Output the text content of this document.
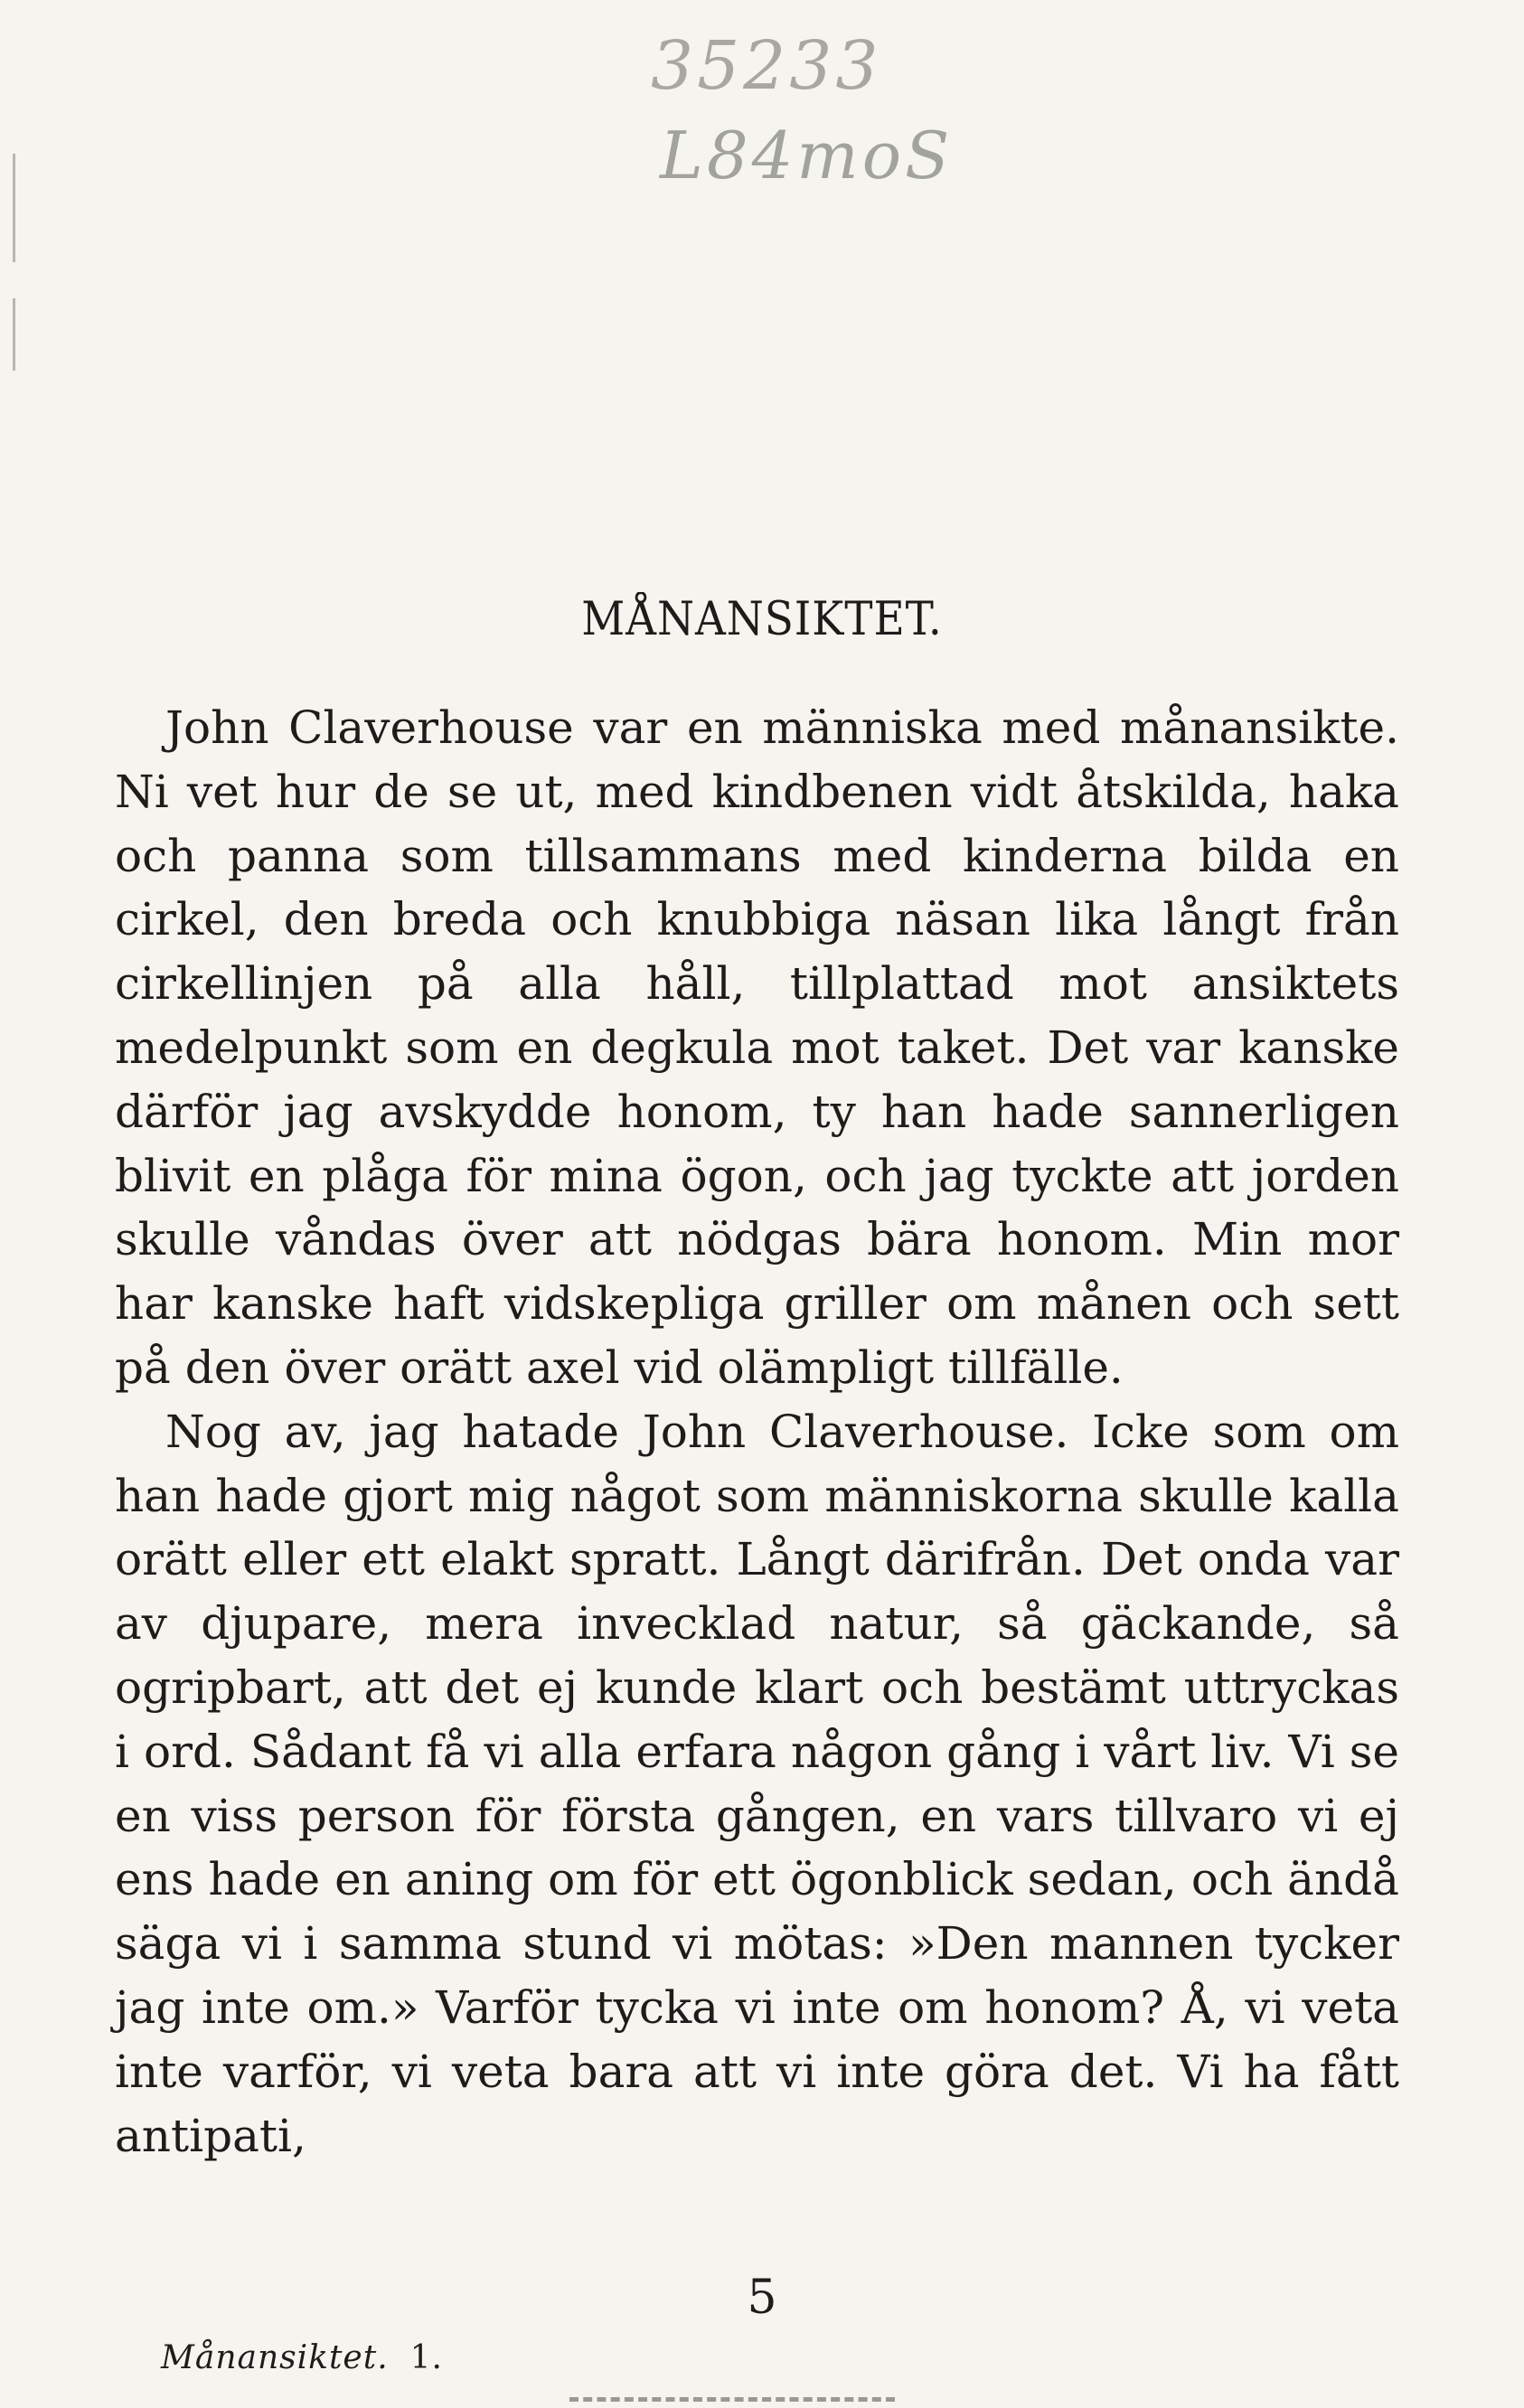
35233
L84moS
MÅNANSIKTET.

John Claverhouse var en människa med månansikte. Ni vet hur de se ut, med kindbenen vidt åtskilda, haka och panna som tillsammans med kinderna bilda en cirkel, den breda och knubbiga näsan lika långt från cirkellinjen på alla håll, tillplattad mot ansiktets medelpunkt som en degkula mot taket. Det var kanske därför jag avskydde honom, ty han hade sannerligen blivit en plåga för mina ögon, och jag tyckte att jorden skulle våndas över att nödgas bära honom. Min mor har kanske haft vidskepliga griller om månen och sett på den över orätt axel vid olämpligt tillfälle.

Nog av, jag hatade John Claverhouse. Icke som om han hade gjort mig något som människorna skulle kalla orätt eller ett elakt spratt. Långt därifrån. Det onda var av djupare, mera invecklad natur, så gäckande, så ogripbart, att det ej kunde klart och bestämt uttryckas i ord. Sådant få vi alla erfara någon gång i vårt liv. Vi se en viss person för första gången, en vars tillvaro vi ej ens hade en aning om för ett ögonblick sedan, och ändå säga vi i samma stund vi mötas: »Den mannen tycker jag inte om.» Varför tycka vi inte om honom? Å, vi veta inte varför, vi veta bara att vi inte göra det. Vi ha fått antipati,

5
Månansiktet. 1.
